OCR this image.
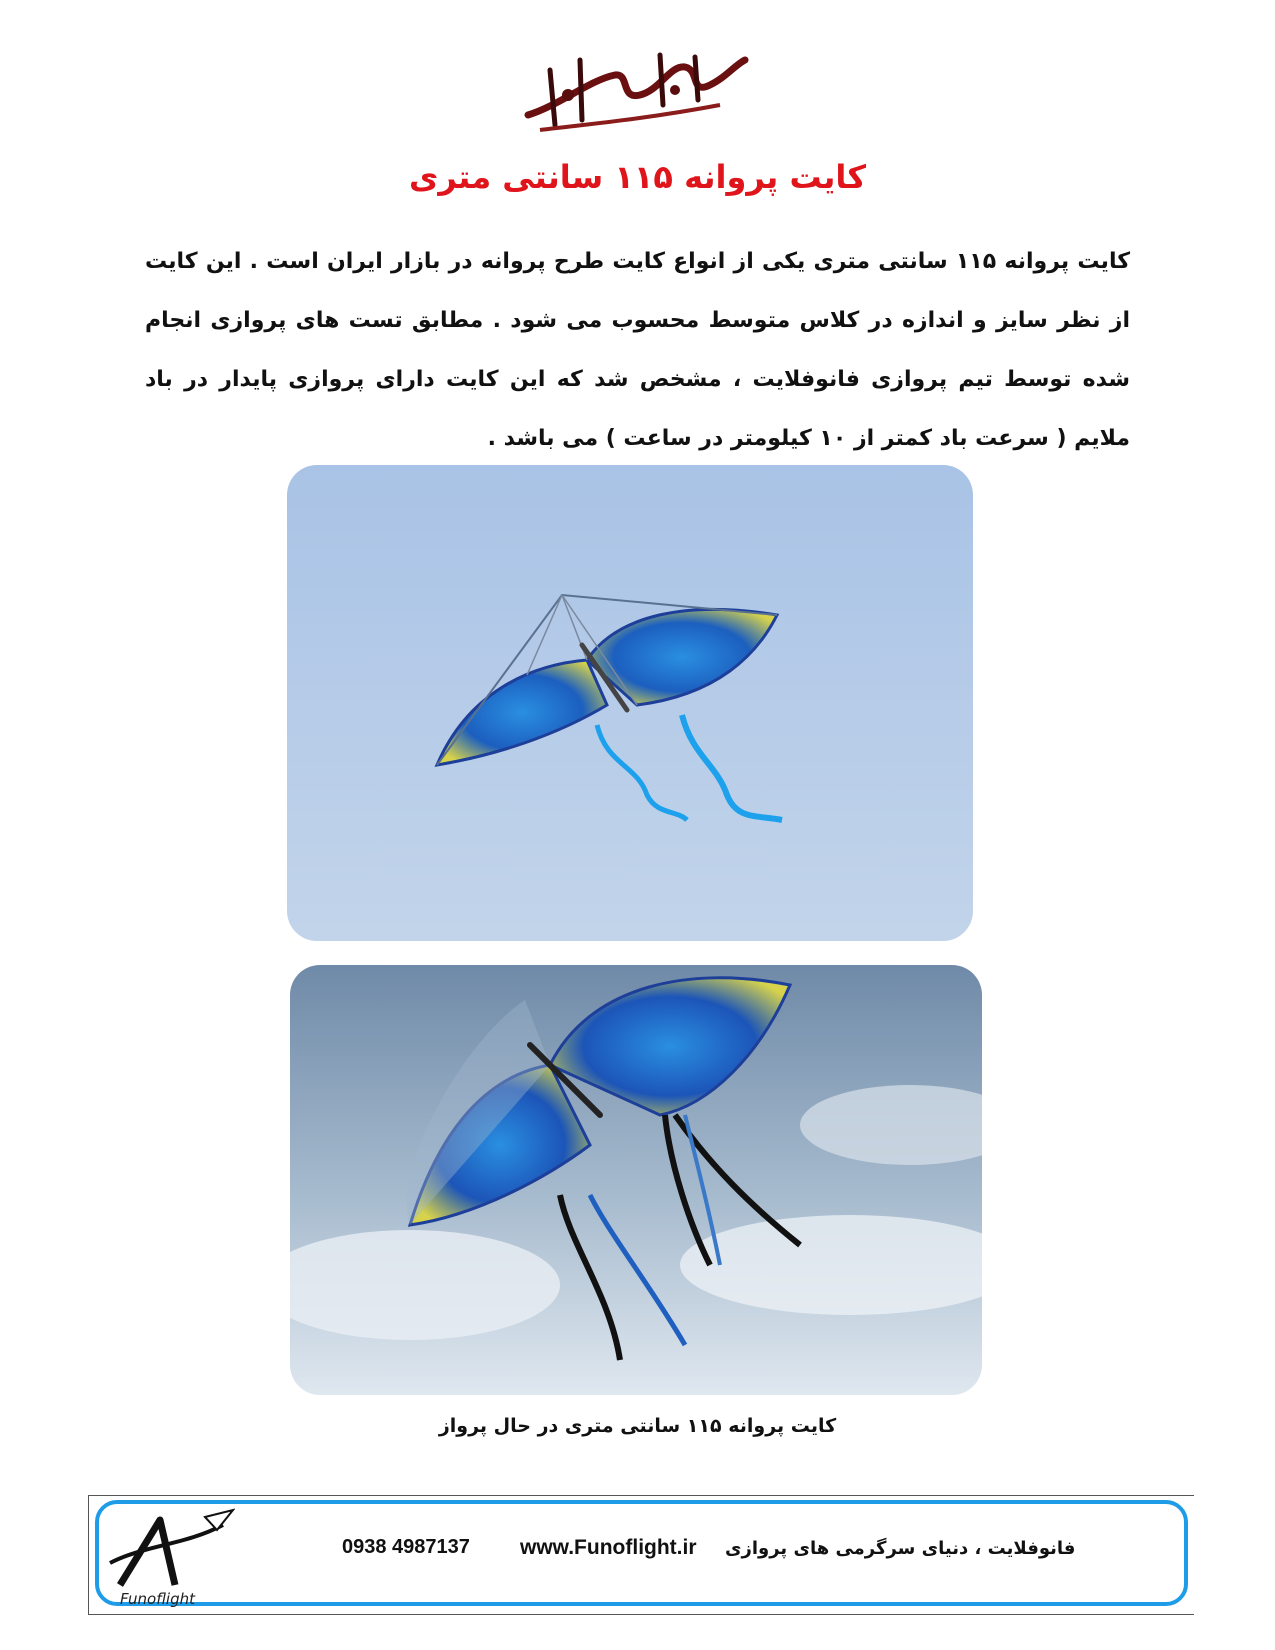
کایت پروانه ۱۱۵ سانتی متری

کایت پروانه ۱۱۵ سانتی متری یکی از انواع کایت طرح پروانه در بازار ایران است . این کایت از نظر سایز و اندازه در کلاس متوسط محسوب می شود . مطابق تست های پروازی انجام شده توسط تیم پروازی فانوفلایت ، مشخص شد که این کایت دارای پروازی پایدار در باد ملایم ( سرعت باد کمتر از ۱۰ کیلومتر در ساعت ) می باشد .

کایت پروانه ۱۱۵ سانتی متری در حال پرواز

Funoflight

فانوفلایت ، دنیای سرگرمی های پروازی

www.Funoflight.ir

0938 4987137
